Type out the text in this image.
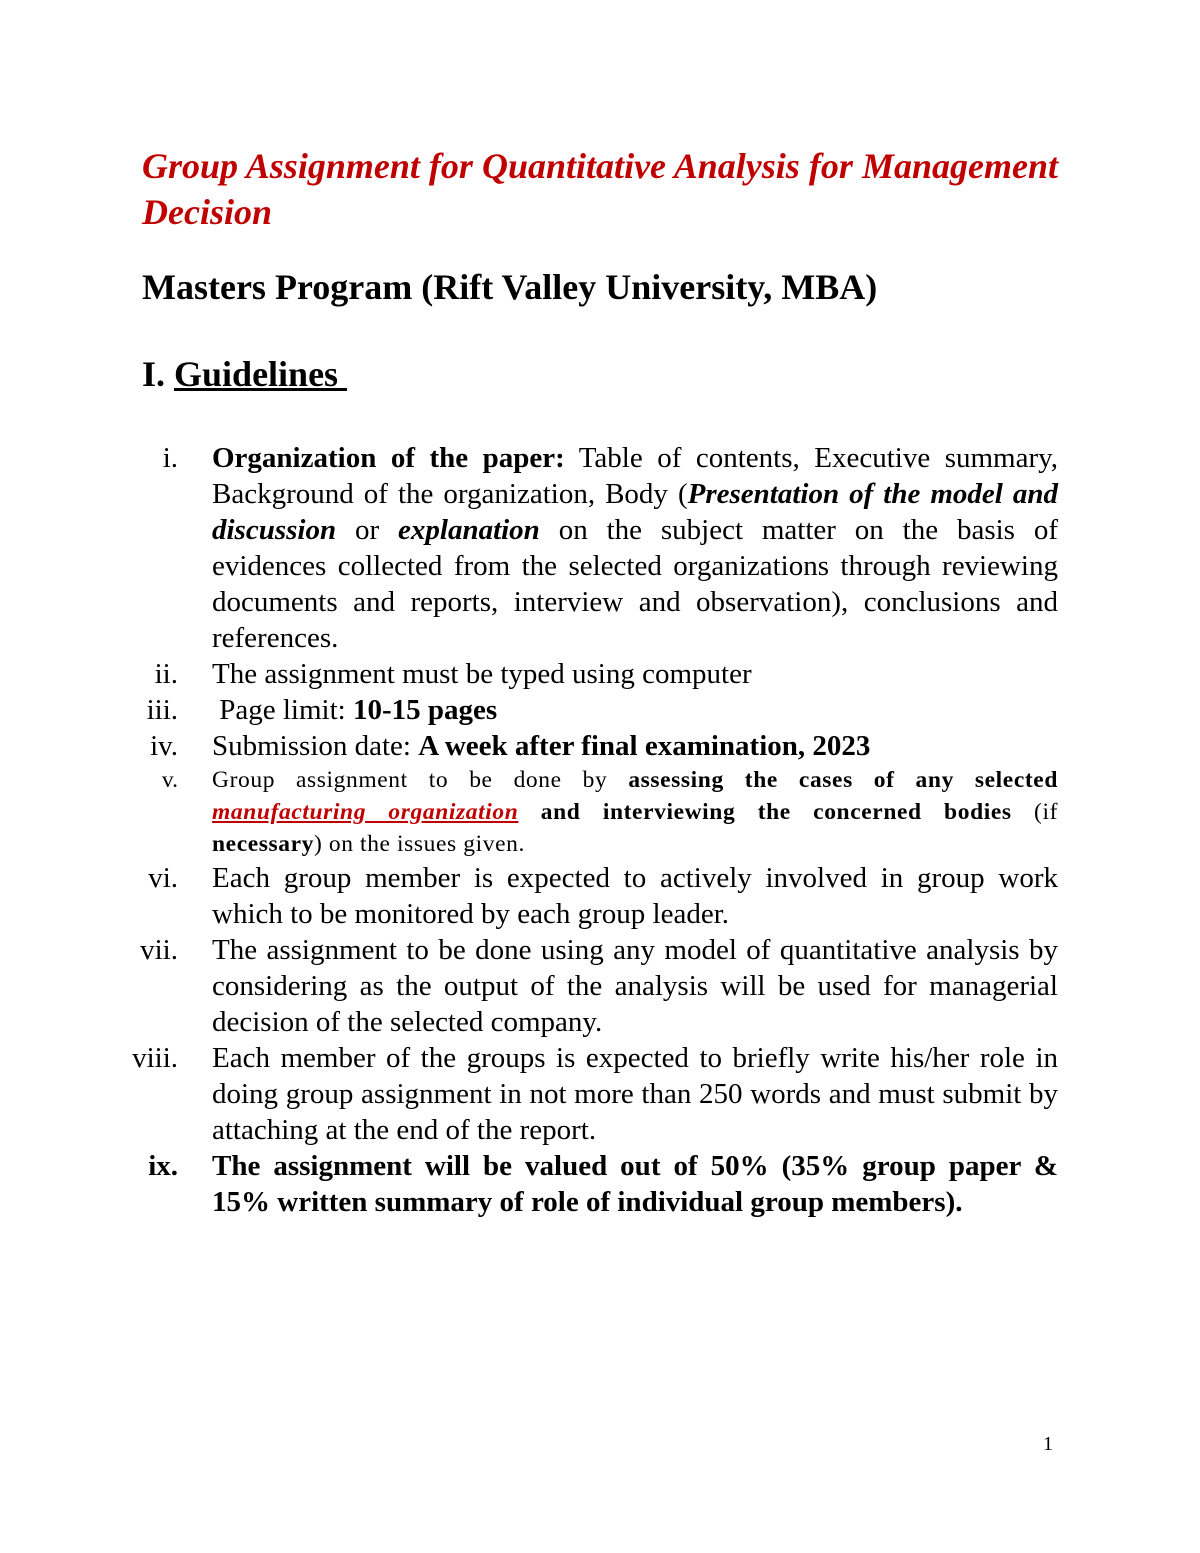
Group Assignment for Quantitative Analysis for Management Decision
Masters Program (Rift Valley University, MBA)
I. Guidelines
i. Organization of the paper: Table of contents, Executive summary, Background of the organization, Body (Presentation of the model and discussion or explanation on the subject matter on the basis of evidences collected from the selected organizations through reviewing documents and reports, interview and observation), conclusions and references.
ii. The assignment must be typed using computer
iii. Page limit: 10-15 pages
iv. Submission date: A week after final examination, 2023
v. Group assignment to be done by assessing the cases of any selected manufacturing organization and interviewing the concerned bodies (if necessary) on the issues given.
vi. Each group member is expected to actively involved in group work which to be monitored by each group leader.
vii. The assignment to be done using any model of quantitative analysis by considering as the output of the analysis will be used for managerial decision of the selected company.
viii. Each member of the groups is expected to briefly write his/her role in doing group assignment in not more than 250 words and must submit by attaching at the end of the report.
ix. The assignment will be valued out of 50% (35% group paper & 15% written summary of role of individual group members).
1
